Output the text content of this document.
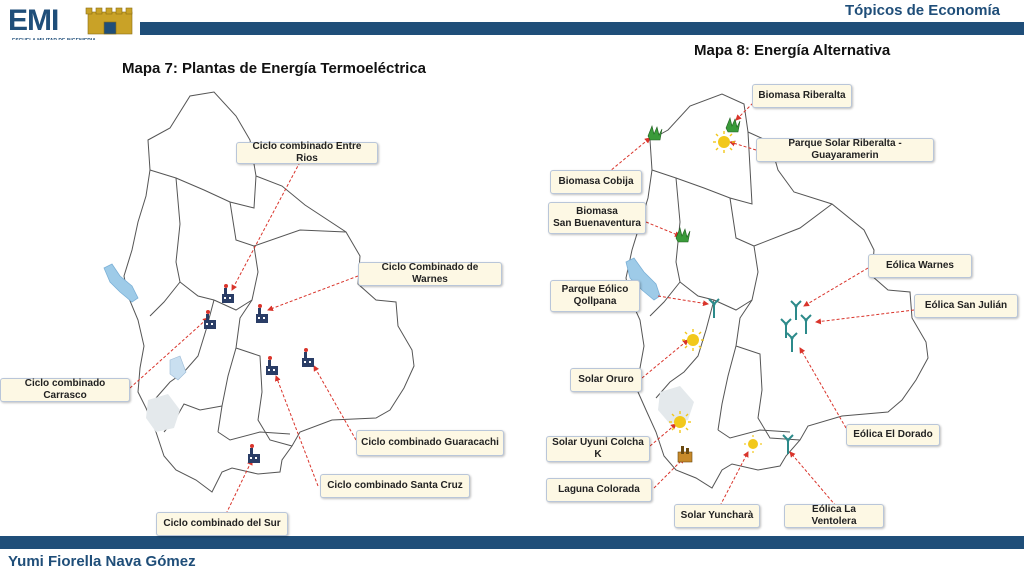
EMI	Tópicos de Economía
Yumi Fiorella Nava Gómez
Mapa 7: Plantas de Energía Termoeléctrica
Mapa 8: Energía Alternativa
Ciclo combinado Entre Rios
Ciclo Combinado de Warnes
Ciclo combinado Carrasco
Ciclo combinado Guaracachi
Ciclo combinado Santa Cruz
Ciclo combinado del Sur
Biomasa Riberalta
Parque Solar Riberalta - Guayaramerin
Biomasa Cobija
Biomasa
San Buenaventura
Eólica Warnes
Parque Eólico
Qollpana	Eólica San Julián
Solar Oruro
Eólica El Dorado
Solar Uyuni Colcha K
Laguna Colorada
Solar Yuncharà
Eólica La Ventolera
